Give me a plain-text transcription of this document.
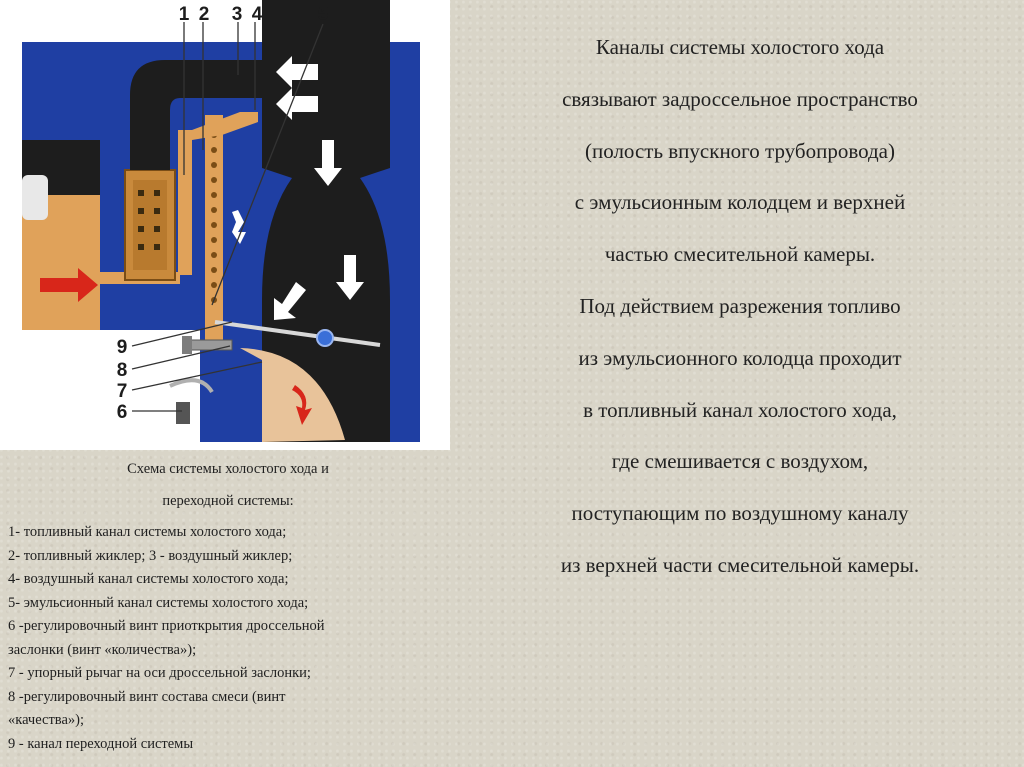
1 2 3 4	5
6
7
8
9

Схема системы холостого хода и

переходной системы:

1- топливный канал системы холостого хода;
2- топливный жиклер; 3 - воздушный жиклер;
4- воздушный канал системы холостого хода;
5- эмульсионный канал системы холостого хода;
6 -регулировочный винт приоткрытия дроссельной
заслонки (винт «количества»);
7 - упорный рычаг на оси дроссельной заслонки;
8 -регулировочный винт состава смеси (винт
«качества»);
9 - канал переходной системы

Каналы системы холостого хода

связывают задроссельное пространство

(полость впускного трубопровода)

с эмульсионным колодцем и верхней

частью смесительной камеры.

Под действием разрежения топливо

из эмульсионного колодца проходит

в топливный канал холостого хода,

где смешивается с воздухом,

поступающим по воздушному каналу

из верхней части смесительной камеры.
